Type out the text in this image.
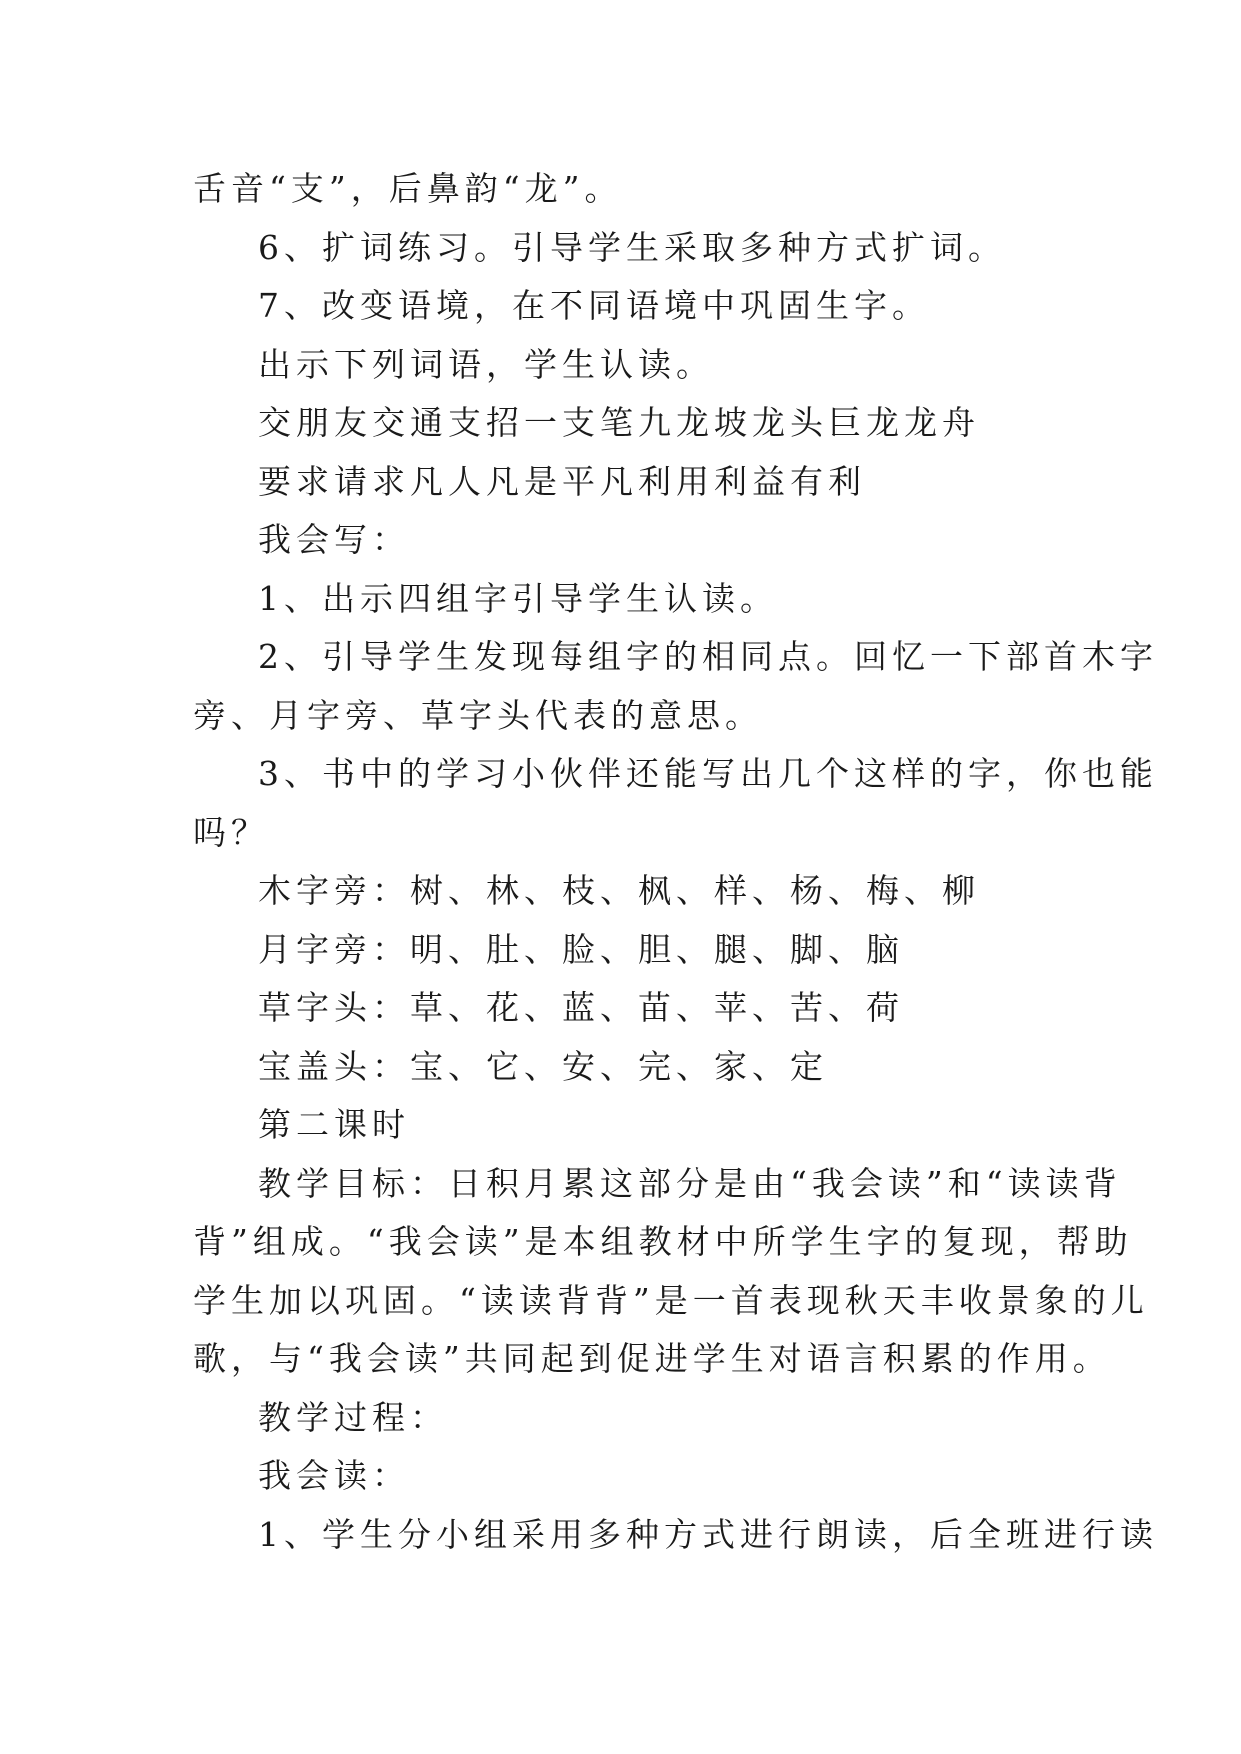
舌音“支”，后鼻韵“龙”。
6、扩词练习。引导学生采取多种方式扩词。
7、改变语境，在不同语境中巩固生字。
出示下列词语，学生认读。
交朋友交通支招一支笔九龙坡龙头巨龙龙舟
要求请求凡人凡是平凡利用利益有利
我会写：
1、出示四组字引导学生认读。
2、引导学生发现每组字的相同点。回忆一下部首木字
旁、月字旁、草字头代表的意思。
3、书中的学习小伙伴还能写出几个这样的字，你也能
吗？
木字旁：树、林、枝、枫、样、杨、梅、柳
月字旁：明、肚、脸、胆、腿、脚、脑
草字头：草、花、蓝、苗、苹、苦、荷
宝盖头：宝、它、安、完、家、定
第二课时
教学目标：日积月累这部分是由“我会读”和“读读背
背”组成。“我会读”是本组教材中所学生字的复现，帮助
学生加以巩固。“读读背背”是一首表现秋天丰收景象的儿
歌，与“我会读”共同起到促进学生对语言积累的作用。
教学过程：
我会读：
1、学生分小组采用多种方式进行朗读，后全班进行读
